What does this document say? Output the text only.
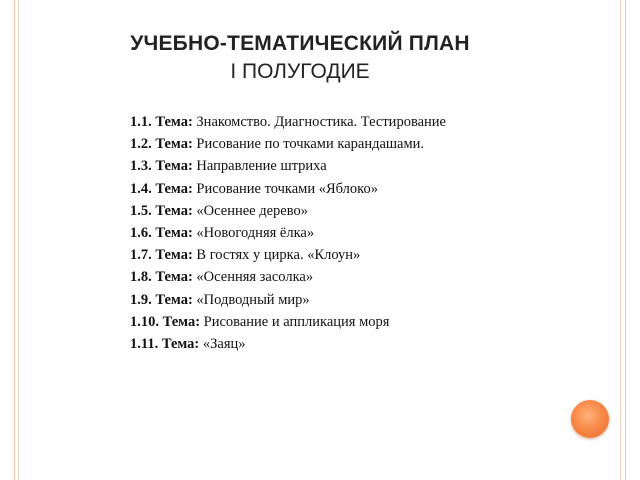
УЧЕБНО-ТЕМАТИЧЕСКИЙ ПЛАН
I ПОЛУГОДИЕ
1.1. Тема: Знакомство. Диагностика. Тестирование
1.2. Тема: Рисование по точками карандашами.
1.3. Тема: Направление штриха
1.4. Тема: Рисование точками «Яблоко»
1.5. Тема: «Осеннее дерево»
1.6. Тема: «Новогодняя ёлка»
1.7. Тема: В гостях у цирка. «Клоун»
1.8. Тема: «Осенняя засолка»
1.9. Тема: «Подводный мир»
1.10. Тема: Рисование и аппликация моря
1.11. Тема: «Заяц»
